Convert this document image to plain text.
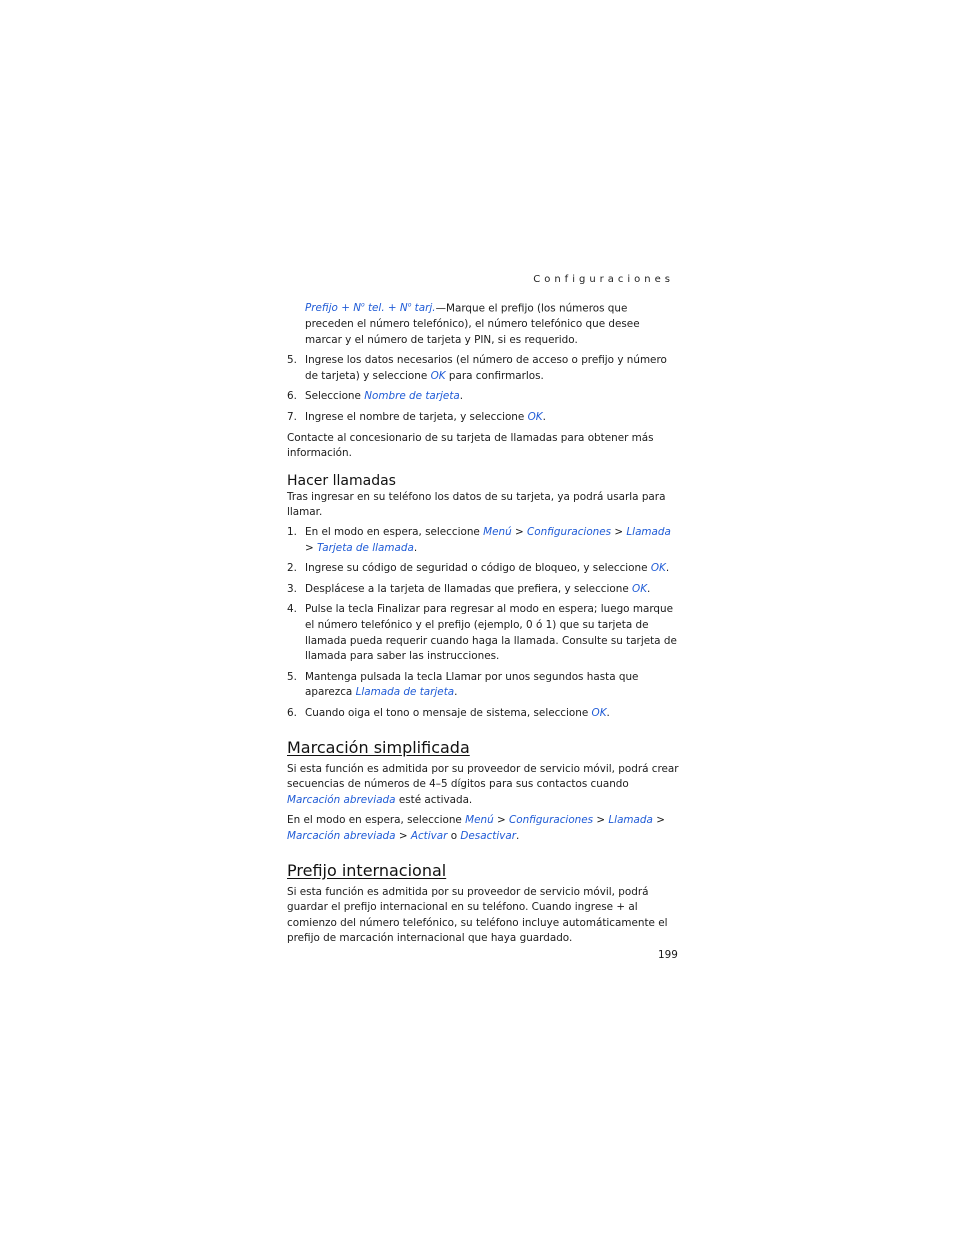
Configuraciones

Prefijo + $N^o$ tel. + $N^o$ tarj.—Marque el prefijo (los números que preceden el número telefónico), el número telefónico que desee marcar y el número de tarjeta y PIN, si es requerido.

5. Ingrese los datos necesarios (el número de acceso o prefijo y número de tarjeta) y seleccione OK para confirmarlos.
6. Seleccione Nombre de tarjeta.
7. Ingrese el nombre de tarjeta, y seleccione OK.

Contacte al concesionario de su tarjeta de llamadas para obtener más información.

Hacer llamadas

Tras ingresar en su teléfono los datos de su tarjeta, ya podrá usarla para llamar.

1. En el modo en espera, seleccione Menú > Configuraciones > Llamada > Tarjeta de llamada.
2. Ingrese su código de seguridad o código de bloqueo, y seleccione OK.
3. Desplácese a la tarjeta de llamadas que prefiera, y seleccione OK.
4. Pulse la tecla Finalizar para regresar al modo en espera; luego marque el número telefónico y el prefijo (ejemplo, 0 ó 1) que su tarjeta de llamada pueda requerir cuando haga la llamada. Consulte su tarjeta de llamada para saber las instrucciones.
5. Mantenga pulsada la tecla Llamar por unos segundos hasta que aparezca Llamada de tarjeta.
6. Cuando oiga el tono o mensaje de sistema, seleccione OK.
Marcación simplificada

Si esta función es admitida por su proveedor de servicio móvil, podrá crear secuencias de números de 4–5 dígitos para sus contactos cuando Marcación abreviada esté activada.

En el modo en espera, seleccione Menú > Configuraciones > Llamada > Marcación abreviada > Activar o Desactivar.

Prefijo internacional

Si esta función es admitida por su proveedor de servicio móvil, podrá guardar el prefijo internacional en su teléfono. Cuando ingrese + al comienzo del número telefónico, su teléfono incluye automáticamente el prefijo de marcación internacional que haya guardado.

199
